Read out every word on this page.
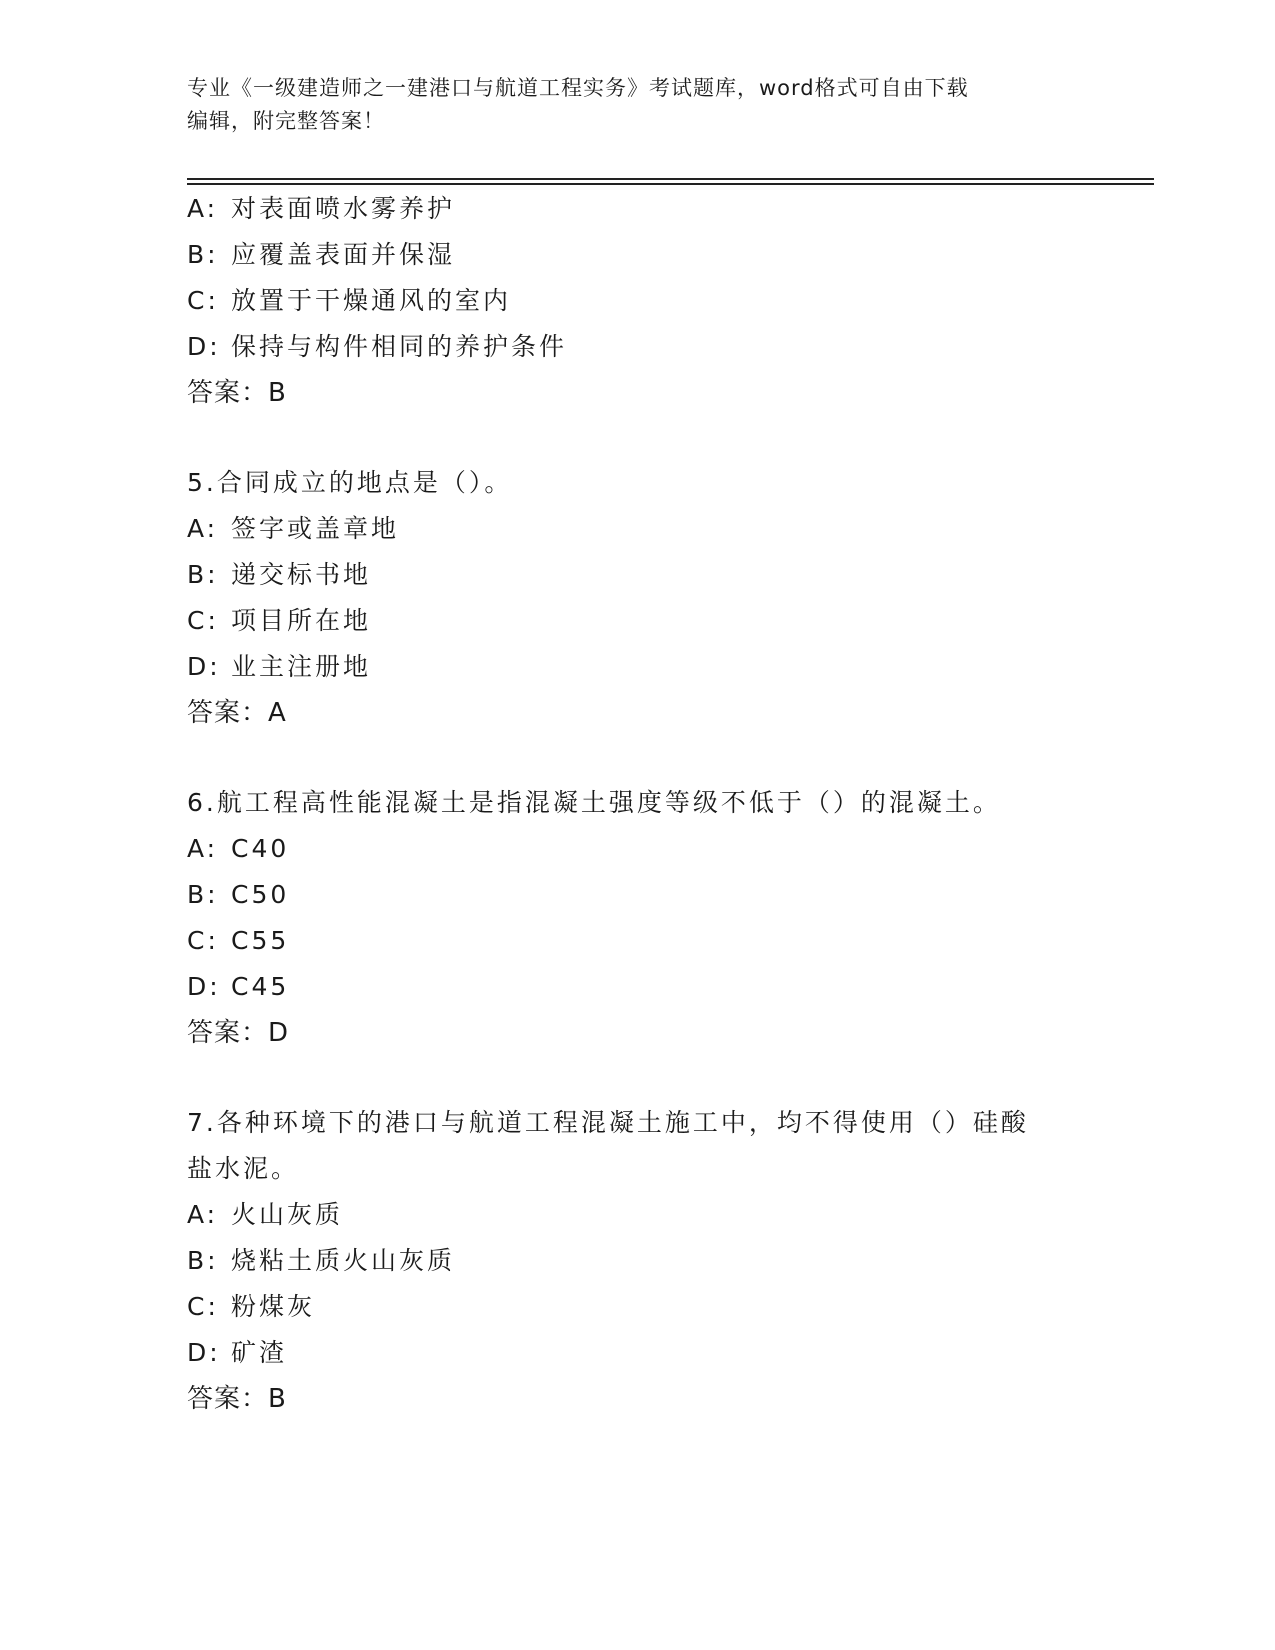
专业《一级建造师之一建港口与航道工程实务》考试题库，word格式可自由下载
编辑，附完整答案！
A: 对表面喷水雾养护
B: 应覆盖表面并保湿
C: 放置于干燥通风的室内
D: 保持与构件相同的养护条件
答案：B
5.合同成立的地点是（）。
A: 签字或盖章地
B: 递交标书地
C: 项目所在地
D: 业主注册地
答案：A
6.航工程高性能混凝土是指混凝土强度等级不低于（）的混凝土。
A: C40
B: C50
C: C55
D: C45
答案：D
7.各种环境下的港口与航道工程混凝土施工中，均不得使用（）硅酸
盐水泥。
A: 火山灰质
B: 烧粘土质火山灰质
C: 粉煤灰
D: 矿渣
答案：B
